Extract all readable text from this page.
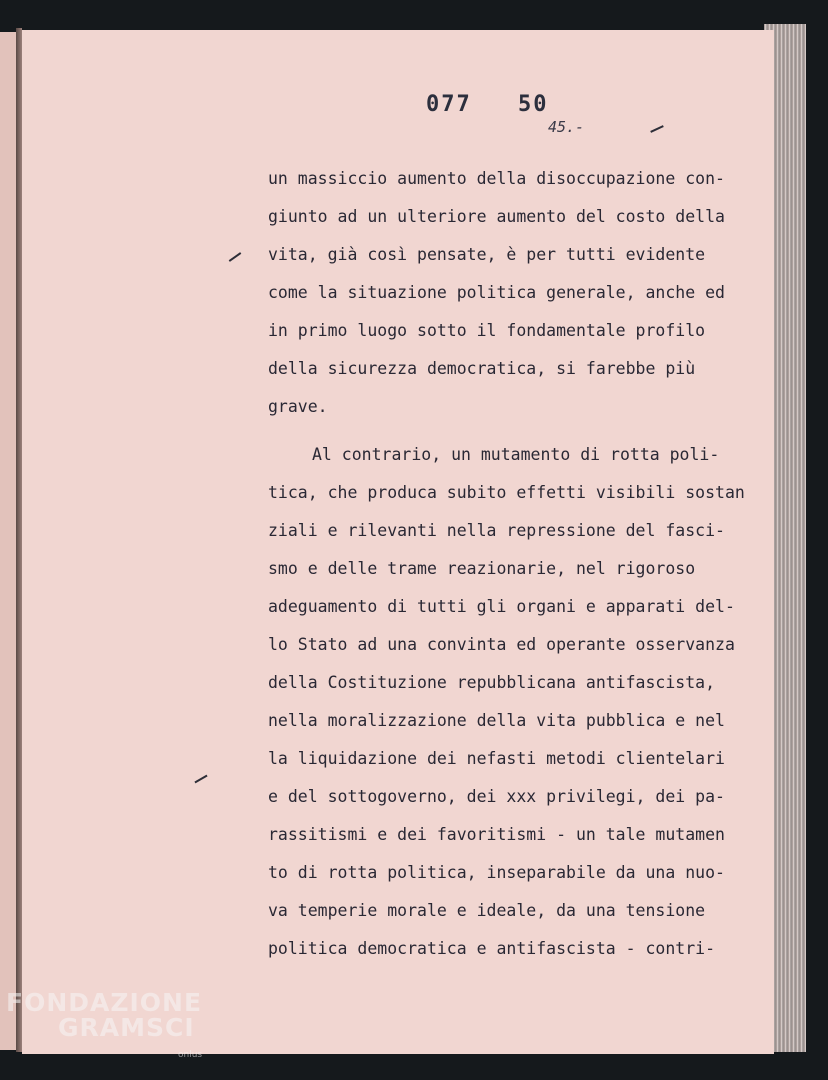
077 50
45.-
un massiccio aumento della disoccupazione con-
giunto ad un ulteriore aumento del costo della
vita, già così pensate, è per tutti evidente
come la situazione politica generale, anche ed
in primo luogo sotto il fondamentale profilo
della sicurezza democratica, si farebbe più
grave.
Al contrario, un mutamento di rotta poli-
tica, che produca subito effetti visibili sostan
ziali e rilevanti nella repressione del fasci-
smo e delle trame reazionarie, nel rigoroso
adeguamento di tutti gli organi e apparati del-
lo Stato ad una convinta ed operante osservanza
della Costituzione repubblicana antifascista,
nella moralizzazione della vita pubblica e nel
la liquidazione dei nefasti metodi clientelari
e del sottogoverno, dei xxx privilegi, dei pa-
rassitismi e dei favoritismi - un tale mutamen
to di rotta politica, inseparabile da una nuo-
va temperie morale e ideale, da una tensione
politica democratica e antifascista - contri-
FONDAZIONE
GRAMSCI
onlus
